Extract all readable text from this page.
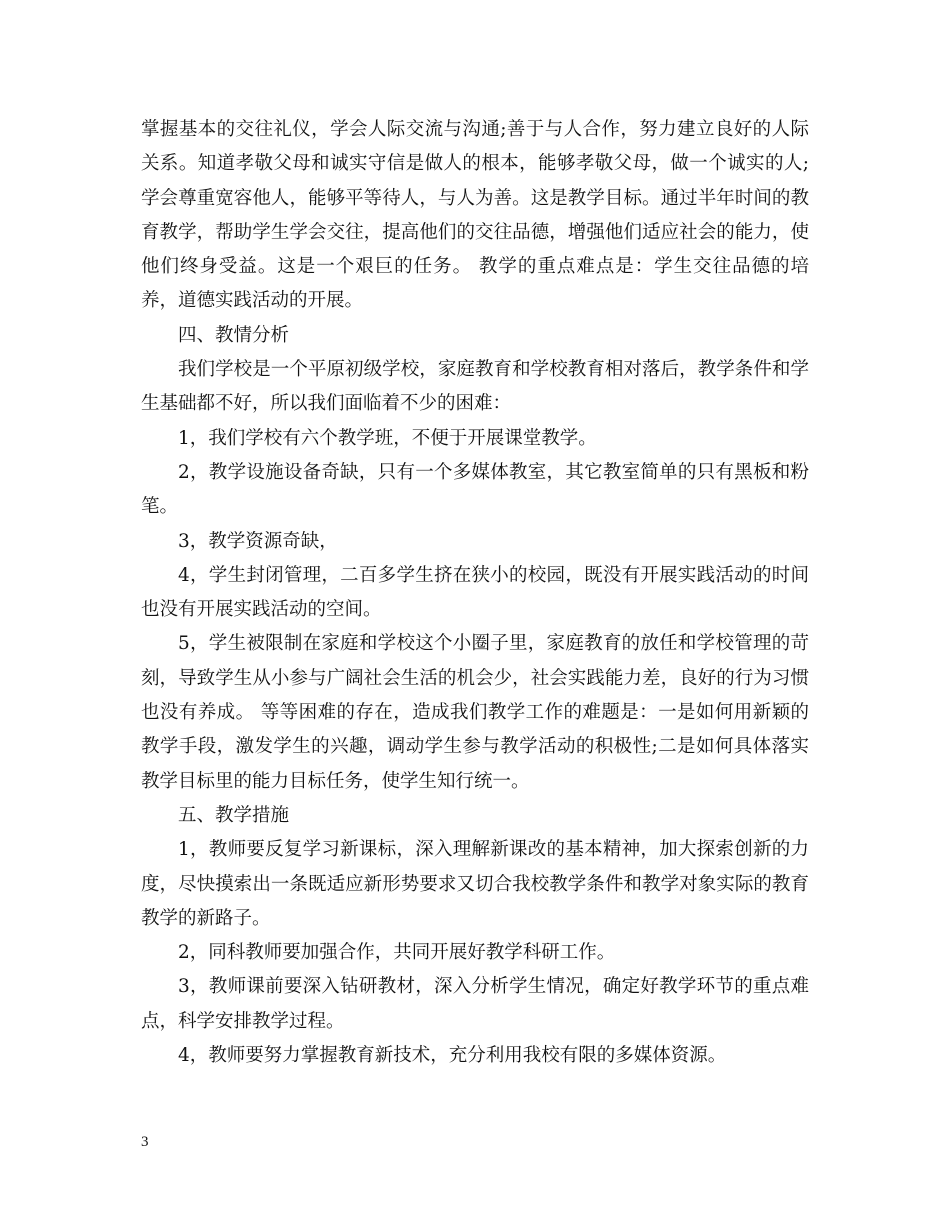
掌握基本的交往礼仪，学会人际交流与沟通;善于与人合作，努力建立良好的人际关系。知道孝敬父母和诚实守信是做人的根本，能够孝敬父母，做一个诚实的人;学会尊重宽容他人，能够平等待人，与人为善。这是教学目标。通过半年时间的教育教学，帮助学生学会交往，提高他们的交往品德，增强他们适应社会的能力，使他们终身受益。这是一个艰巨的任务。 教学的重点难点是：学生交往品德的培养，道德实践活动的开展。

四、教情分析

我们学校是一个平原初级学校，家庭教育和学校教育相对落后，教学条件和学生基础都不好，所以我们面临着不少的困难：

1，我们学校有六个教学班，不便于开展课堂教学。

2，教学设施设备奇缺，只有一个多媒体教室，其它教室简单的只有黑板和粉笔。

3，教学资源奇缺，

4，学生封闭管理，二百多学生挤在狭小的校园，既没有开展实践活动的时间也没有开展实践活动的空间。

5，学生被限制在家庭和学校这个小圈子里，家庭教育的放任和学校管理的苛刻，导致学生从小参与广阔社会生活的机会少，社会实践能力差，良好的行为习惯也没有养成。 等等困难的存在，造成我们教学工作的难题是：一是如何用新颖的教学手段，激发学生的兴趣，调动学生参与教学活动的积极性;二是如何具体落实教学目标里的能力目标任务，使学生知行统一。

五、教学措施

1，教师要反复学习新课标，深入理解新课改的基本精神，加大探索创新的力度，尽快摸索出一条既适应新形势要求又切合我校教学条件和教学对象实际的教育教学的新路子。

2，同科教师要加强合作，共同开展好教学科研工作。

3，教师课前要深入钻研教材，深入分析学生情况，确定好教学环节的重点难点，科学安排教学过程。

4，教师要努力掌握教育新技术，充分利用我校有限的多媒体资源。

3
